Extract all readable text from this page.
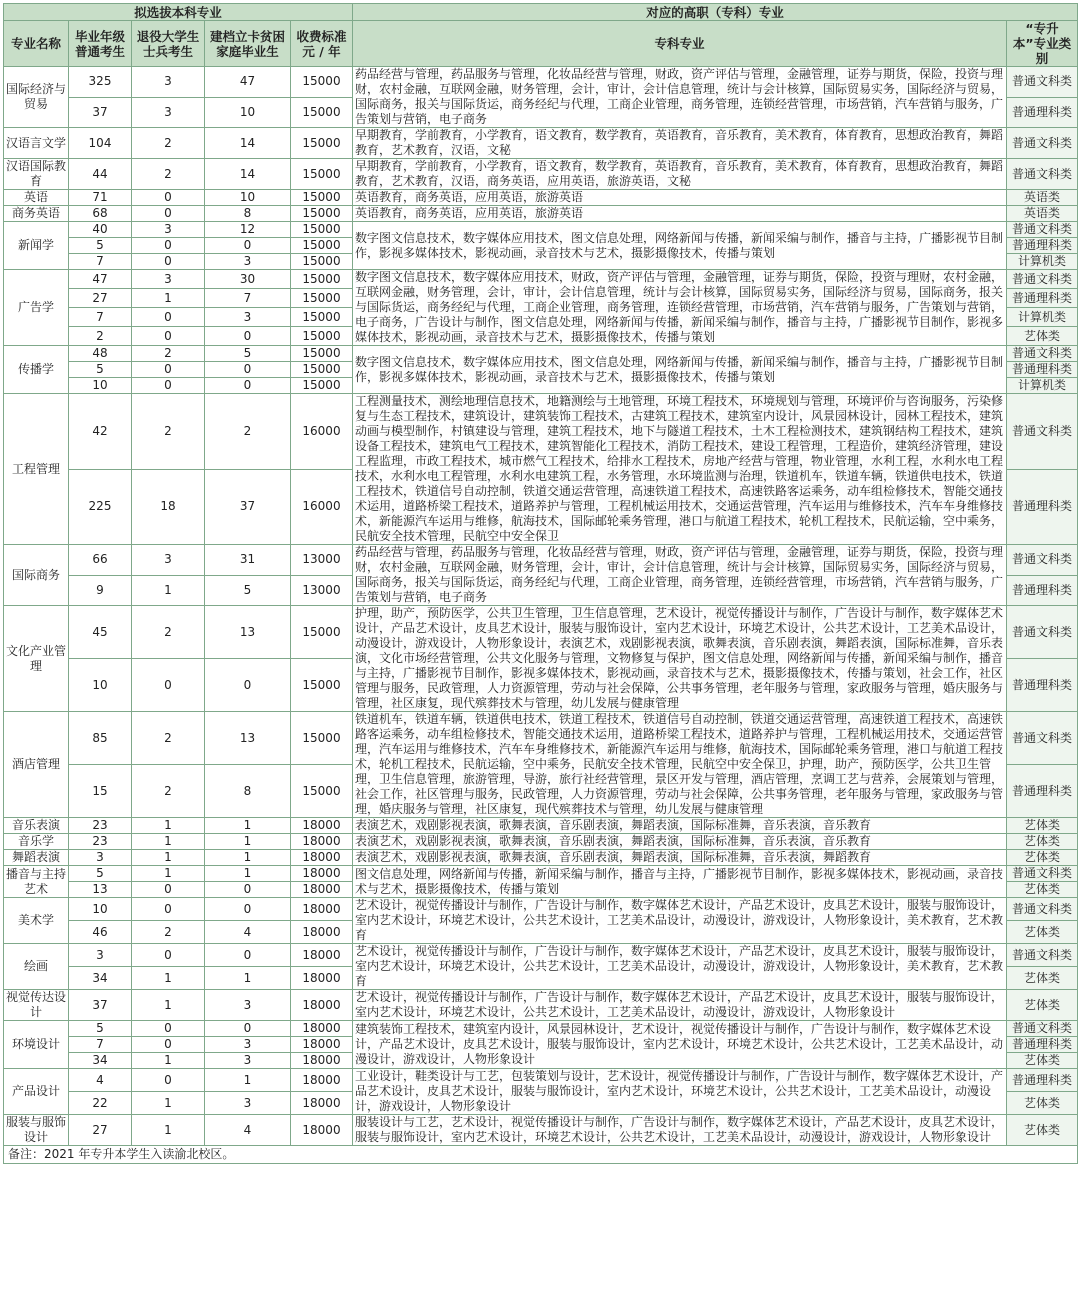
拟选拔本科专业					对应的高职（专科）专业	
专业名称	毕业年级普通考生	退役大学生士兵考生	建档立卡贫困家庭毕业生	收费标准元 / 年	专科专业	“专升本”专业类别
国际经济与贸易	325	3	47	15000	药品经营与管理，药品服务与管理，化妆品经营与管理，财政，资产评估与管理，金融管理，证券与期货，保险，投资与理财，农村金融，互联网金融，财务管理，会计，审计，会计信息管理，统计与会计核算，国际贸易实务，国际经济与贸易，国际商务，报关与国际货运，商务经纪与代理，工商企业管理，商务管理，连锁经营管理，市场营销，汽车营销与服务，广告策划与营销，电子商务	普通文科类
	37	3	10	15000		普通理科类
汉语言文学	104	2	14	15000	早期教育，学前教育，小学教育，语文教育，数学教育，英语教育，音乐教育，美术教育，体育教育，思想政治教育，舞蹈教育，艺术教育，汉语，文秘	普通文科类
汉语国际教育	44	2	14	15000	早期教育，学前教育，小学教育，语文教育，数学教育，英语教育，音乐教育，美术教育，体育教育，思想政治教育，舞蹈教育，艺术教育，汉语，商务英语，应用英语，旅游英语，文秘	普通文科类
英语	71	0	10	15000	英语教育，商务英语，应用英语，旅游英语	英语类
商务英语	68	0	8	15000	英语教育，商务英语，应用英语，旅游英语	英语类
新闻学	40	3	12	15000	数字图文信息技术，数字媒体应用技术，图文信息处理，网络新闻与传播，新闻采编与制作，播音与主持，广播影视节目制作，影视多媒体技术，影视动画，录音技术与艺术，摄影摄像技术，传播与策划	普通文科类
	5	0	0	15000		普通理科类
	7	0	3	15000		计算机类
广告学	47	3	30	15000	数字图文信息技术，数字媒体应用技术，财政，资产评估与管理，金融管理，证券与期货，保险，投资与理财，农村金融，互联网金融，财务管理，会计，审计，会计信息管理，统计与会计核算，国际贸易实务，国际经济与贸易，国际商务，报关与国际货运，商务经纪与代理，工商企业管理，商务管理，连锁经营管理，市场营销，汽车营销与服务，广告策划与营销，电子商务，广告设计与制作，图文信息处理，网络新闻与传播，新闻采编与制作，播音与主持，广播影视节目制作，影视多媒体技术，影视动画，录音技术与艺术，摄影摄像技术，传播与策划	普通文科类
	27	1	7	15000		普通理科类
	7	0	3	15000		计算机类
	2	0	0	15000		艺体类
传播学	48	2	5	15000	数字图文信息技术，数字媒体应用技术，图文信息处理，网络新闻与传播，新闻采编与制作，播音与主持，广播影视节目制作，影视多媒体技术，影视动画，录音技术与艺术，摄影摄像技术，传播与策划	普通文科类
	5	0	0	15000		普通理科类
	10	0	0	15000		计算机类
工程管理	42	2	2	16000	工程测量技术，测绘地理信息技术，地籍测绘与土地管理，环境工程技术，环境规划与管理，环境评价与咨询服务，污染修复与生态工程技术，建筑设计，建筑装饰工程技术，古建筑工程技术，建筑室内设计，风景园林设计，园林工程技术，建筑动画与模型制作，村镇建设与管理，建筑工程技术，地下与隧道工程技术，土木工程检测技术，建筑钢结构工程技术，建筑设备工程技术，建筑电气工程技术，建筑智能化工程技术，消防工程技术，建设工程管理，工程造价，建筑经济管理，建设工程监理，市政工程技术，城市燃气工程技术，给排水工程技术，房地产经营与管理，物业管理，水利工程，水利水电工程技术，水利水电工程管理，水利水电建筑工程，水务管理，水环境监测与治理，铁道机车，铁道车辆，铁道供电技术，铁道工程技术，铁道信号自动控制，铁道交通运营管理，高速铁道工程技术，高速铁路客运乘务，动车组检修技术，智能交通技术运用，道路桥梁工程技术，道路养护与管理，工程机械运用技术，交通运营管理，汽车运用与维修技术，汽车车身维修技术，新能源汽车运用与维修，航海技术，国际邮轮乘务管理，港口与航道工程技术，轮机工程技术，民航运输，空中乘务，民航安全技术管理，民航空中安全保卫	普通文科类
	225	18	37	16000		普通理科类
国际商务	66	3	31	13000	药品经营与管理，药品服务与管理，化妆品经营与管理，财政，资产评估与管理，金融管理，证券与期货，保险，投资与理财，农村金融，互联网金融，财务管理，会计，审计，会计信息管理，统计与会计核算，国际贸易实务，国际经济与贸易，国际商务，报关与国际货运，商务经纪与代理，工商企业管理，商务管理，连锁经营管理，市场营销，汽车营销与服务，广告策划与营销，电子商务	普通文科类
	9	1	5	13000		普通理科类
文化产业管理	45	2	13	15000	护理，助产，预防医学，公共卫生管理，卫生信息管理，艺术设计，视觉传播设计与制作，广告设计与制作，数字媒体艺术设计，产品艺术设计，皮具艺术设计，服装与服饰设计，室内艺术设计，环境艺术设计，公共艺术设计，工艺美术品设计，动漫设计，游戏设计，人物形象设计，表演艺术，戏剧影视表演，歌舞表演，音乐剧表演，舞蹈表演，国际标准舞，音乐表演，文化市场经营管理，公共文化服务与管理，文物修复与保护，图文信息处理，网络新闻与传播，新闻采编与制作，播音与主持，广播影视节目制作，影视多媒体技术，影视动画，录音技术与艺术，摄影摄像技术，传播与策划，社会工作，社区管理与服务，民政管理，人力资源管理，劳动与社会保障，公共事务管理，老年服务与管理，家政服务与管理，婚庆服务与管理，社区康复，现代殡葬技术与管理，幼儿发展与健康管理	普通文科类
	10	0	0	15000		普通理科类
酒店管理	85	2	13	15000	铁道机车，铁道车辆，铁道供电技术，铁道工程技术，铁道信号自动控制，铁道交通运营管理，高速铁道工程技术，高速铁路客运乘务，动车组检修技术，智能交通技术运用，道路桥梁工程技术，道路养护与管理，工程机械运用技术，交通运营管理，汽车运用与维修技术，汽车车身维修技术，新能源汽车运用与维修，航海技术，国际邮轮乘务管理，港口与航道工程技术，轮机工程技术，民航运输，空中乘务，民航安全技术管理，民航空中安全保卫，护理，助产，预防医学，公共卫生管理，卫生信息管理，旅游管理，导游，旅行社经营管理，景区开发与管理，酒店管理，烹调工艺与营养，会展策划与管理，社会工作，社区管理与服务，民政管理，人力资源管理，劳动与社会保障，公共事务管理，老年服务与管理，家政服务与管理，婚庆服务与管理，社区康复，现代殡葬技术与管理，幼儿发展与健康管理	普通文科类
	15	2	8	15000		普通理科类
音乐表演	23	1	1	18000	表演艺术，戏剧影视表演，歌舞表演，音乐剧表演，舞蹈表演，国际标准舞，音乐表演，音乐教育	艺体类
音乐学	23	1	1	18000	表演艺术，戏剧影视表演，歌舞表演，音乐剧表演，舞蹈表演，国际标准舞，音乐表演，音乐教育	艺体类
舞蹈表演	3	1	1	18000	表演艺术，戏剧影视表演，歌舞表演，音乐剧表演，舞蹈表演，国际标准舞，音乐表演，舞蹈教育	艺体类
播音与主持艺术	5	1	1	18000	图文信息处理，网络新闻与传播，新闻采编与制作，播音与主持，广播影视节目制作，影视多媒体技术，影视动画，录音技术与艺术，摄影摄像技术，传播与策划	普通文科类
	13	0	0	18000		艺体类
美术学	10	0	0	18000	艺术设计，视觉传播设计与制作，广告设计与制作，数字媒体艺术设计，产品艺术设计，皮具艺术设计，服装与服饰设计，室内艺术设计，环境艺术设计，公共艺术设计，工艺美术品设计，动漫设计，游戏设计，人物形象设计，美术教育，艺术教育	普通文科类
	46	2	4	18000		艺体类
绘画	3	0	0	18000	艺术设计，视觉传播设计与制作，广告设计与制作，数字媒体艺术设计，产品艺术设计，皮具艺术设计，服装与服饰设计，室内艺术设计，环境艺术设计，公共艺术设计，工艺美术品设计，动漫设计，游戏设计，人物形象设计，美术教育，艺术教育	普通文科类
	34	1	1	18000		艺体类
视觉传达设计	37	1	3	18000	艺术设计，视觉传播设计与制作，广告设计与制作，数字媒体艺术设计，产品艺术设计，皮具艺术设计，服装与服饰设计，室内艺术设计，环境艺术设计，公共艺术设计，工艺美术品设计，动漫设计，游戏设计，人物形象设计	艺体类
环境设计	5	0	0	18000	建筑装饰工程技术，建筑室内设计，风景园林设计，艺术设计，视觉传播设计与制作，广告设计与制作，数字媒体艺术设计，产品艺术设计，皮具艺术设计，服装与服饰设计，室内艺术设计，环境艺术设计，公共艺术设计，工艺美术品设计，动漫设计，游戏设计，人物形象设计	普通文科类
	7	0	3	18000		普通理科类
	34	1	3	18000		艺体类
产品设计	4	0	1	18000	工业设计，鞋类设计与工艺，包装策划与设计，艺术设计，视觉传播设计与制作，广告设计与制作，数字媒体艺术设计，产品艺术设计，皮具艺术设计，服装与服饰设计，室内艺术设计，环境艺术设计，公共艺术设计，工艺美术品设计，动漫设计，游戏设计，人物形象设计	普通理科类
	22	1	3	18000		艺体类
服装与服饰设计	27	1	4	18000	服装设计与工艺，艺术设计，视觉传播设计与制作，广告设计与制作，数字媒体艺术设计，产品艺术设计，皮具艺术设计，服装与服饰设计，室内艺术设计，环境艺术设计，公共艺术设计，工艺美术品设计，动漫设计，游戏设计，人物形象设计	艺体类
备注：2021 年专升本学生入读渝北校区。						
